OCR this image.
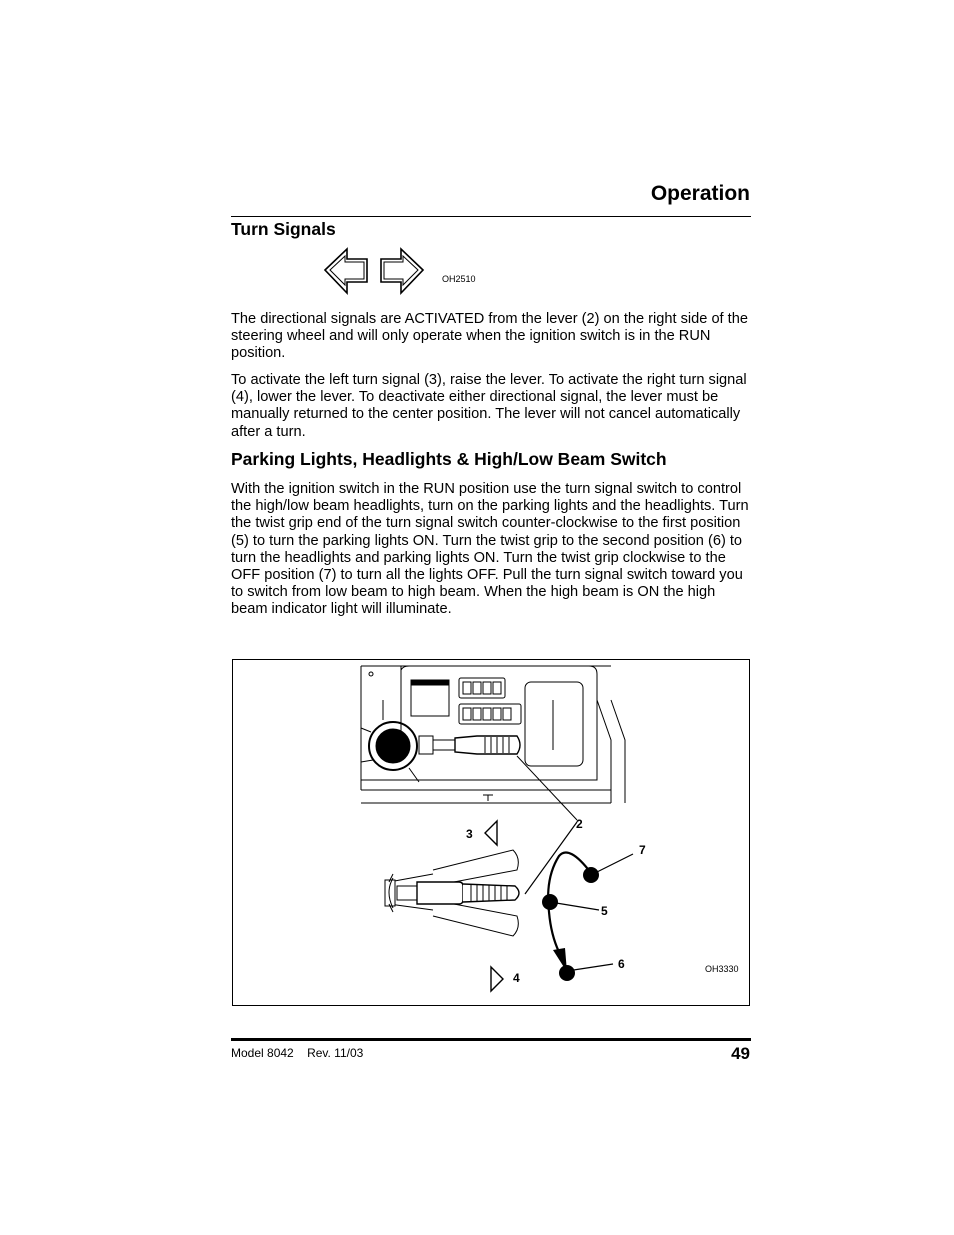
Operation
Turn Signals
OH2510
The directional signals are ACTIVATED from the lever (2) on the right side of the steering wheel and will only operate when the ignition switch is in the RUN position.
To activate the left turn signal (3), raise the lever. To activate the right turn signal (4), lower the lever. To deactivate either directional signal, the lever must be manually returned to the center position. The lever will not cancel automatically after a turn.
Parking Lights, Headlights & High/Low Beam Switch
With the ignition switch in the RUN position use the turn signal switch to control the high/low beam headlights, turn on the parking lights and the headlights. Turn the twist grip end of the turn signal switch counter-clockwise to the first position (5) to turn the parking lights ON. Turn the twist grip to the second position (6) to turn the headlights and parking lights ON. Turn the twist grip clockwise to the OFF position (7) to turn all the lights OFF. Pull the turn signal switch toward you to switch from low beam to high beam. When the high beam is ON the high beam indicator light will illuminate.
2
3
4
5
6
7
OH3330
Model 8042 Rev. 11/03	49
